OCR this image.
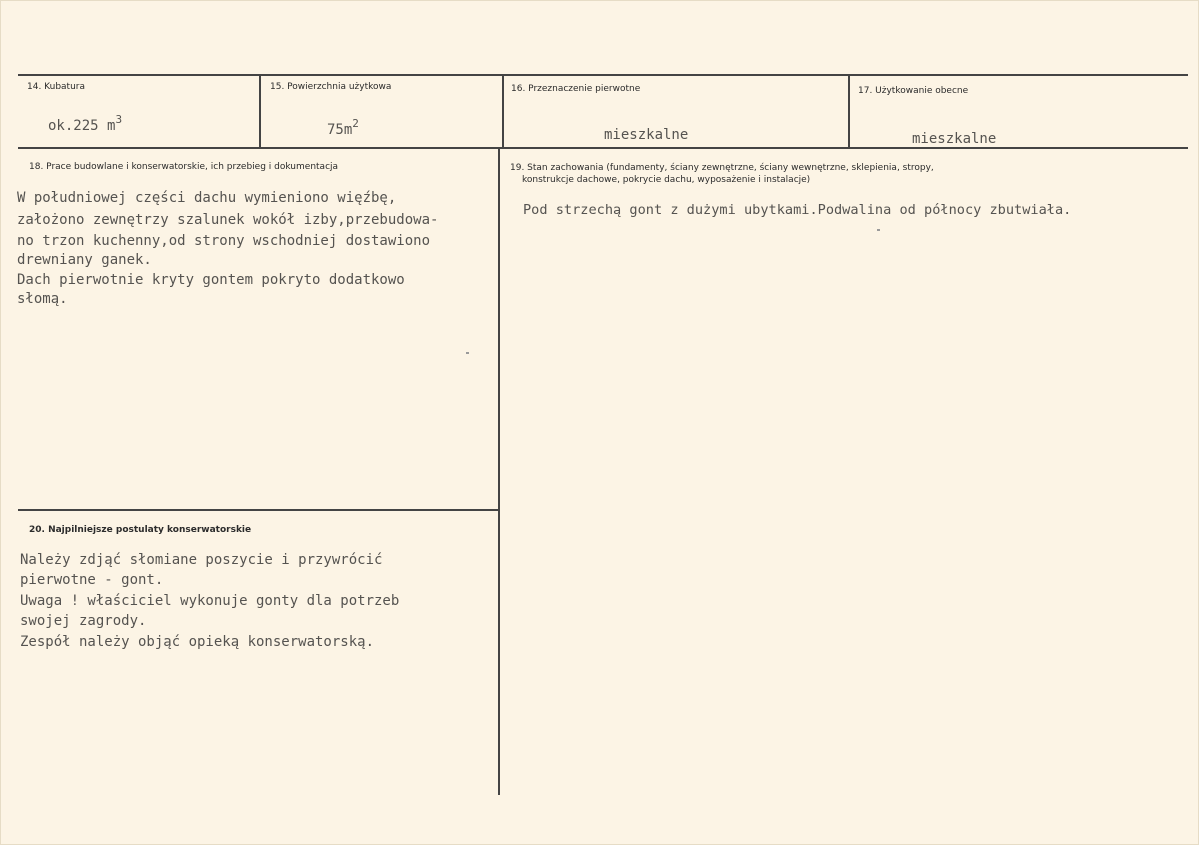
14. Kubatura
ok.225 $m^3$
15. Powierzchnia użytkowa
$75m^2$
16. Przeznaczenie pierwotne
mieszkalne
17. Użytkowanie obecne
mieszkalne
18. Prace budowlane i konserwatorskie, ich przebieg i dokumentacja
W południowej części dachu wymieniono więźbę,
założono zewnętrzy szalunek wokół izby,przebudowa-
no trzon kuchenny,od strony wschodniej dostawiono
drewniany ganek.
Dach pierwotnie kryty gontem pokryto dodatkowo
słomą.
19. Stan zachowania (fundamenty, ściany zewnętrzne, ściany wewnętrzne, sklepienia, stropy,
konstrukcje dachowe, pokrycie dachu, wyposażenie i instalacje)
Pod strzechą gont z dużymi ubytkami.Podwalina od północy zbutwiała.
20. Najpilniejsze postulaty konserwatorskie
Należy zdjąć słomiane poszycie i przywrócić
pierwotne - gont.
Uwaga ! właściciel wykonuje gonty dla potrzeb
swojej zagrody.
Zespół należy objąć opieką konserwatorską.
